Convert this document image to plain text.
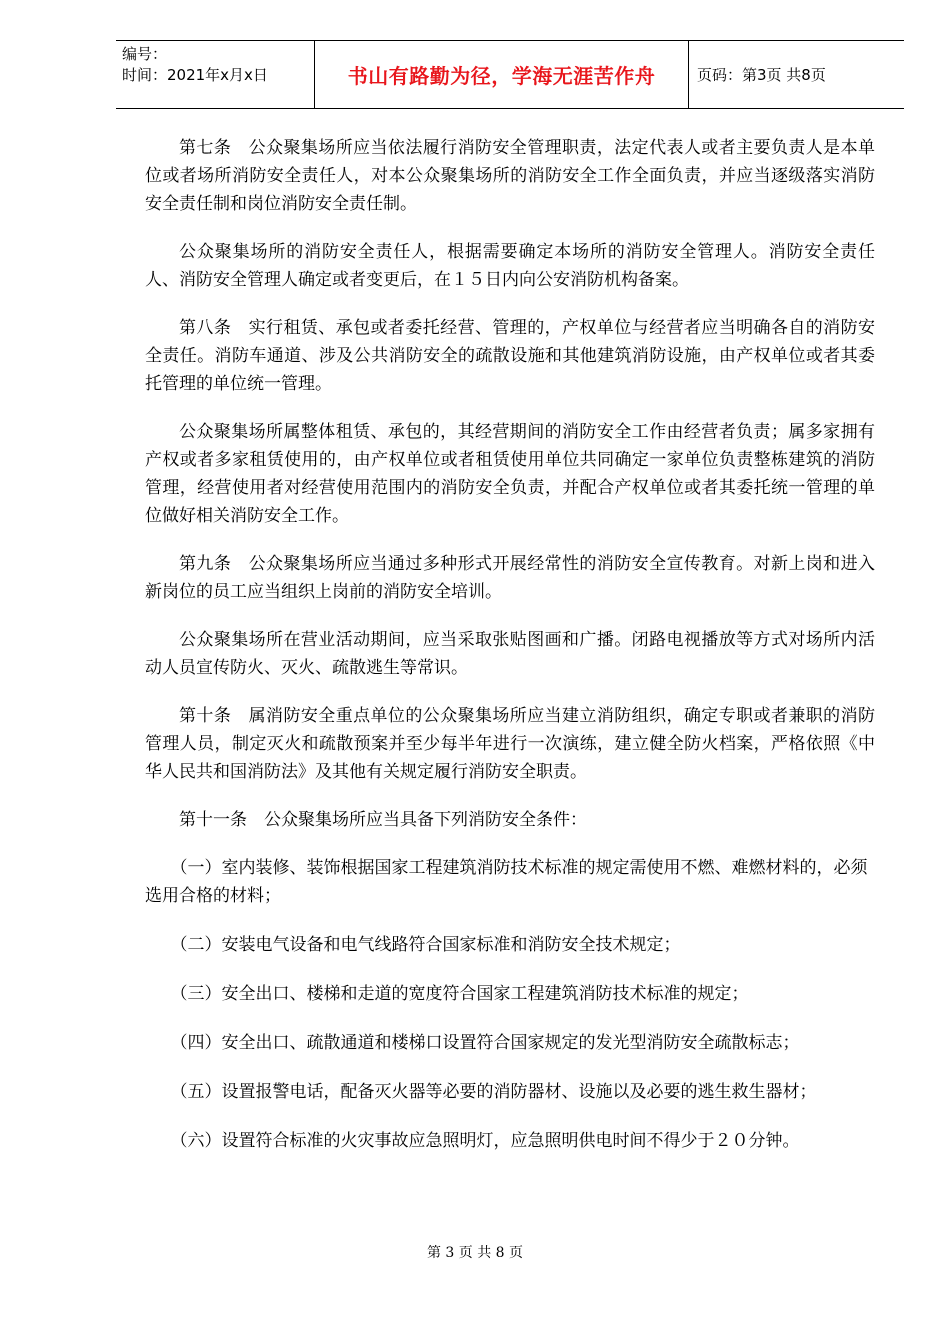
编号：
时间：2021年x月x日	书山有路勤为径，学海无涯苦作舟	页码：第3页 共8页

第七条　公众聚集场所应当依法履行消防安全管理职责，法定代表人或者主要负责人是本单位或者场所消防安全责任人，对本公众聚集场所的消防安全工作全面负责，并应当逐级落实消防安全责任制和岗位消防安全责任制。

公众聚集场所的消防安全责任人，根据需要确定本场所的消防安全管理人。消防安全责任人、消防安全管理人确定或者变更后，在１５日内向公安消防机构备案。

第八条　实行租赁、承包或者委托经营、管理的，产权单位与经营者应当明确各自的消防安全责任。消防车通道、涉及公共消防安全的疏散设施和其他建筑消防设施，由产权单位或者其委托管理的单位统一管理。

公众聚集场所属整体租赁、承包的，其经营期间的消防安全工作由经营者负责；属多家拥有产权或者多家租赁使用的，由产权单位或者租赁使用单位共同确定一家单位负责整栋建筑的消防管理，经营使用者对经营使用范围内的消防安全负责，并配合产权单位或者其委托统一管理的单位做好相关消防安全工作。

第九条　公众聚集场所应当通过多种形式开展经常性的消防安全宣传教育。对新上岗和进入新岗位的员工应当组织上岗前的消防安全培训。

公众聚集场所在营业活动期间，应当采取张贴图画和广播。闭路电视播放等方式对场所内活动人员宣传防火、灭火、疏散逃生等常识。

第十条　属消防安全重点单位的公众聚集场所应当建立消防组织，确定专职或者兼职的消防管理人员，制定灭火和疏散预案并至少每半年进行一次演练，建立健全防火档案，严格依照《中华人民共和国消防法》及其他有关规定履行消防安全职责。

第十一条　公众聚集场所应当具备下列消防安全条件：

（一）室内装修、装饰根据国家工程建筑消防技术标准的规定需使用不燃、难燃材料的，必须选用合格的材料；

（二）安装电气设备和电气线路符合国家标准和消防安全技术规定；

（三）安全出口、楼梯和走道的宽度符合国家工程建筑消防技术标准的规定；

（四）安全出口、疏散通道和楼梯口设置符合国家规定的发光型消防安全疏散标志；

（五）设置报警电话，配备灭火器等必要的消防器材、设施以及必要的逃生救生器材；

（六）设置符合标准的火灾事故应急照明灯，应急照明供电时间不得少于２０分钟。

第 3 页 共 8 页
